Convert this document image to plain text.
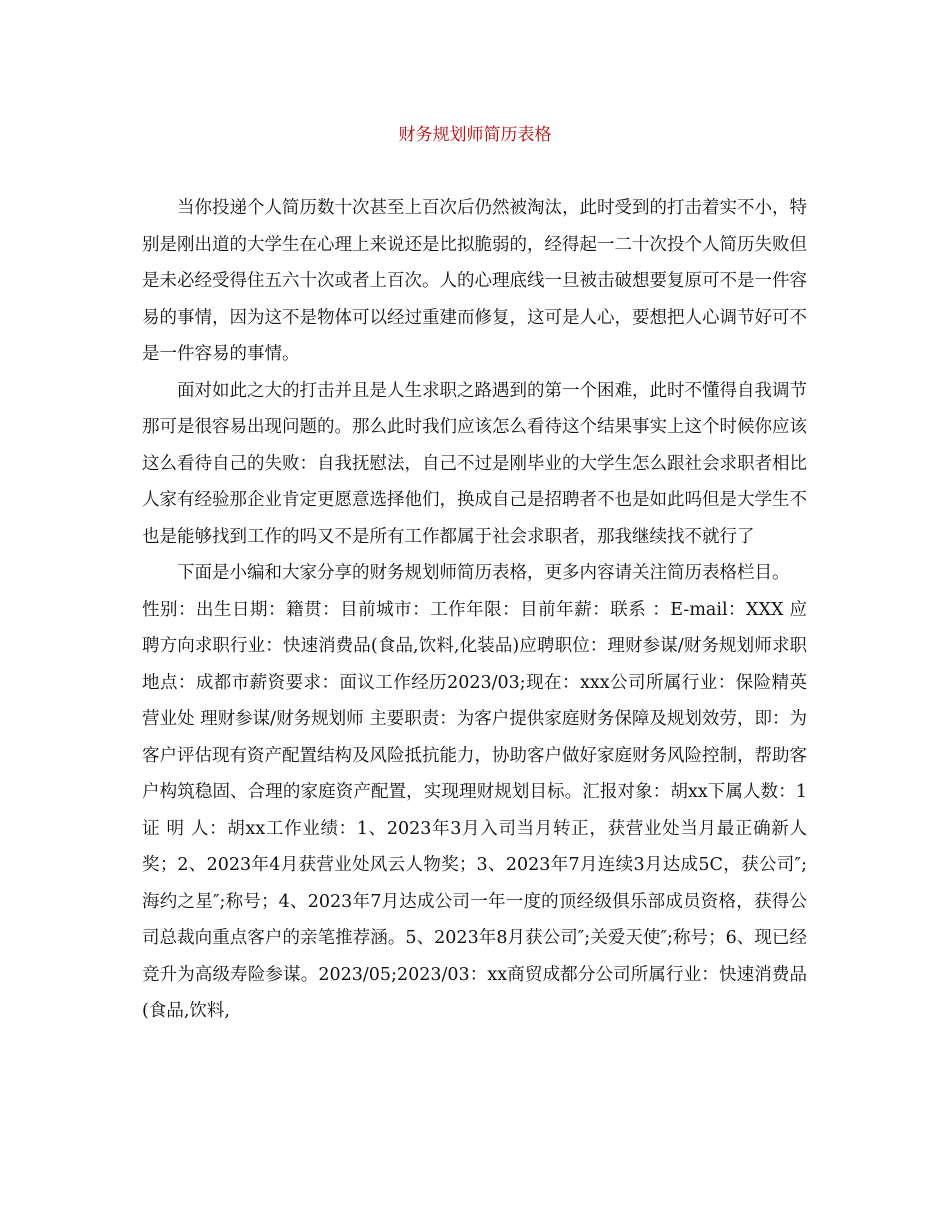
财务规划师简历表格

当你投递个人简历数十次甚至上百次后仍然被淘汰，此时受到的打击着实不小，特别是刚出道的大学生在心理上来说还是比拟脆弱的，经得起一二十次投个人简历失败但是未必经受得住五六十次或者上百次。人的心理底线一旦被击破想要复原可不是一件容易的事情，因为这不是物体可以经过重建而修复，这可是人心，要想把人心调节好可不是一件容易的事情。

面对如此之大的打击并且是人生求职之路遇到的第一个困难，此时不懂得自我调节那可是很容易出现问题的。那么此时我们应该怎么看待这个结果事实上这个时候你应该这么看待自己的失败：自我抚慰法，自己不过是刚毕业的大学生怎么跟社会求职者相比人家有经验那企业肯定更愿意选择他们，换成自己是招聘者不也是如此吗但是大学生不也是能够找到工作的吗又不是所有工作都属于社会求职者，那我继续找不就行了

下面是小编和大家分享的财务规划师简历表格，更多内容请关注简历表格栏目。

性别：出生日期：籍贯：目前城市：工作年限：目前年薪：联系 ：E-mail：XXX 应聘方向求职行业：快速消费品(食品,饮料,化装品)应聘职位：理财参谋/财务规划师求职地点：成都市薪资要求：面议工作经历2023/03;现在：xxx公司所属行业：保险精英营业处 理财参谋/财务规划师 主要职责：为客户提供家庭财务保障及规划效劳，即：为客户评估现有资产配置结构及风险抵抗能力，协助客户做好家庭财务风险控制，帮助客户构筑稳固、合理的家庭资产配置，实现理财规划目标。汇报对象：胡xx下属人数：1证 明 人：胡xx工作业绩：1、2023年3月入司当月转正，获营业处当月最正确新人奖；2、2023年4月获营业处风云人物奖；3、2023年7月连续3月达成5C，获公司″;海约之星″;称号；4、2023年7月达成公司一年一度的顶经级俱乐部成员资格，获得公司总裁向重点客户的亲笔推荐涵。5、2023年8月获公司″;关爱天使″;称号；6、现已经竞升为高级寿险参谋。2023/05;2023/03：xx商贸成都分公司所属行业：快速消费品(食品,饮料,
